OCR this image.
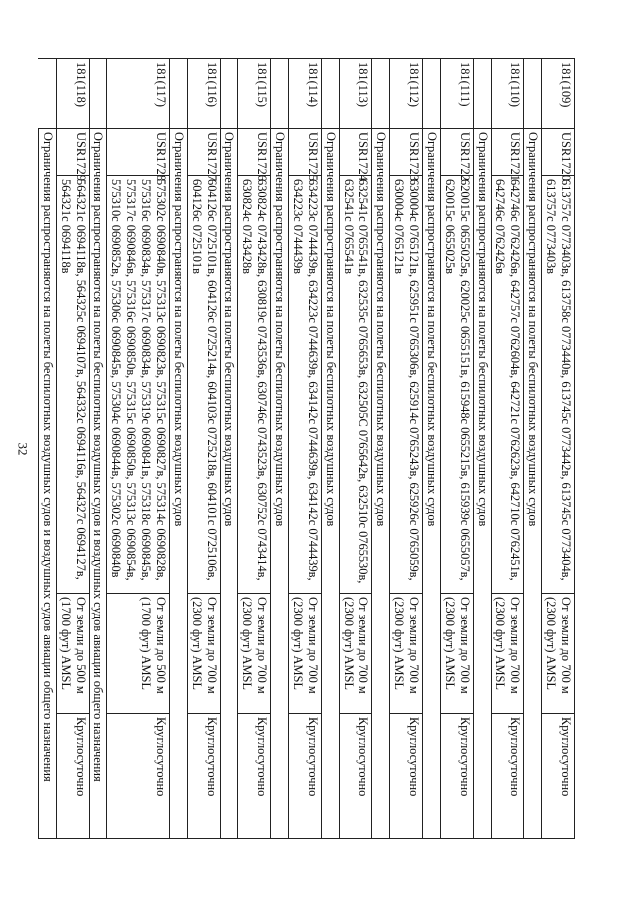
32
181(109)	USR1720	613757с 0773403в, 613758с 0773440в, 613745с 0773442в, 613745с 0773404в, 613757с 0773403в	От земли до 700 м (2300 фут) AMSL	Круглосуточно
	Ограничения распространяются на полеты беспилотных воздушных судов			
181(110)	USR1721	642746с 0762426в, 642757с 0762604в, 642721с 0762623в, 642710с 0762451в, 642746с 0762426в	От земли до 700 м (2300 фут) AMSL	Круглосуточно
	Ограничения распространяются на полеты беспилотных воздушных судов			
181(111)	USR1722	620015с 0655025в, 620025с 0655151в, 615948с 0655215в, 615939с 0655057в, 620015с 0655025в	От земли до 700 м (2300 фут) AMSL	Круглосуточно
	Ограничения распространяются на полеты беспилотных воздушных судов			
181(112)	USR1723	630004с 0765121в, 625951с 0765306в, 625914с 0765243в, 625926с 0765059в, 630004с 0765121в	От земли до 700 м (2300 фут) AMSL	Круглосуточно
	Ограничения распространяются на полеты беспилотных воздушных судов			
181(113)	USR1724	632541с 0765541в, 632535с 0765653в, 632505С 0765642в, 632510с 0765530в, 632541с 0765541в	От земли до 700 м (2300 фут) AMSL	Круглосуточно
	Ограничения распространяются на полеты беспилотных воздушных судов			
181(114)	USR1725	634223с 0744439в, 634223с 0744639в, 634142с 0744639в, 634142с 0744439в, 634223с 0744439в	От земли до 700 м (2300 фут) AMSL	Круглосуточно
	Ограничения распространяются на полеты беспилотных воздушных судов			
181(115)	USR1726	630824с 0743428в, 630819с 0743536в, 630746с 0743523в, 630752с 0743414в, 630824с 0743428в	От земли до 700 м (2300 фут) AMSL	Круглосуточно
	Ограничения распространяются на полеты беспилотных воздушных судов			
181(116)	USR1727	604126с 0725101в, 604126с 0725214в, 604103с 0725218в, 604101с 0725106в, 604126с 0725101в	От земли до 700 м (2300 фут) AMSL	Круглосуточно
	Ограничения распространяются на полеты беспилотных воздушных судов			
181(117)	USR1728	575302с 0690840в, 575313с 0690823в, 575315с 0690827в, 575314с 0690828в, 575316с 0690834в, 575317с 0690834в, 575319с 0690841в, 575318с 0690845в, 575317с 0690846в, 575316с 0690850в, 575315с 0690850в, 575313с 0690854в, 575310с 0690852в, 575306с 0690845в, 575304с 0690844в, 575302с 0690840в	От земли до 500 м (1700 фут) AMSL	Круглосуточно
	Ограничения распространяются на полеты беспилотных воздушных судов и воздушных судов авиации общего назначения			
181(118)	USR1729	564321с 0694118в, 564325с 0694107в, 564332с 0694116в, 564327с 0694127в, 564321с 0694118в	От земли до 500 м (1700 фут) AMSL	Круглосуточно
	Ограничения распространяются на полеты беспилотных воздушных судов и воздушных судов авиации общего назначения			
